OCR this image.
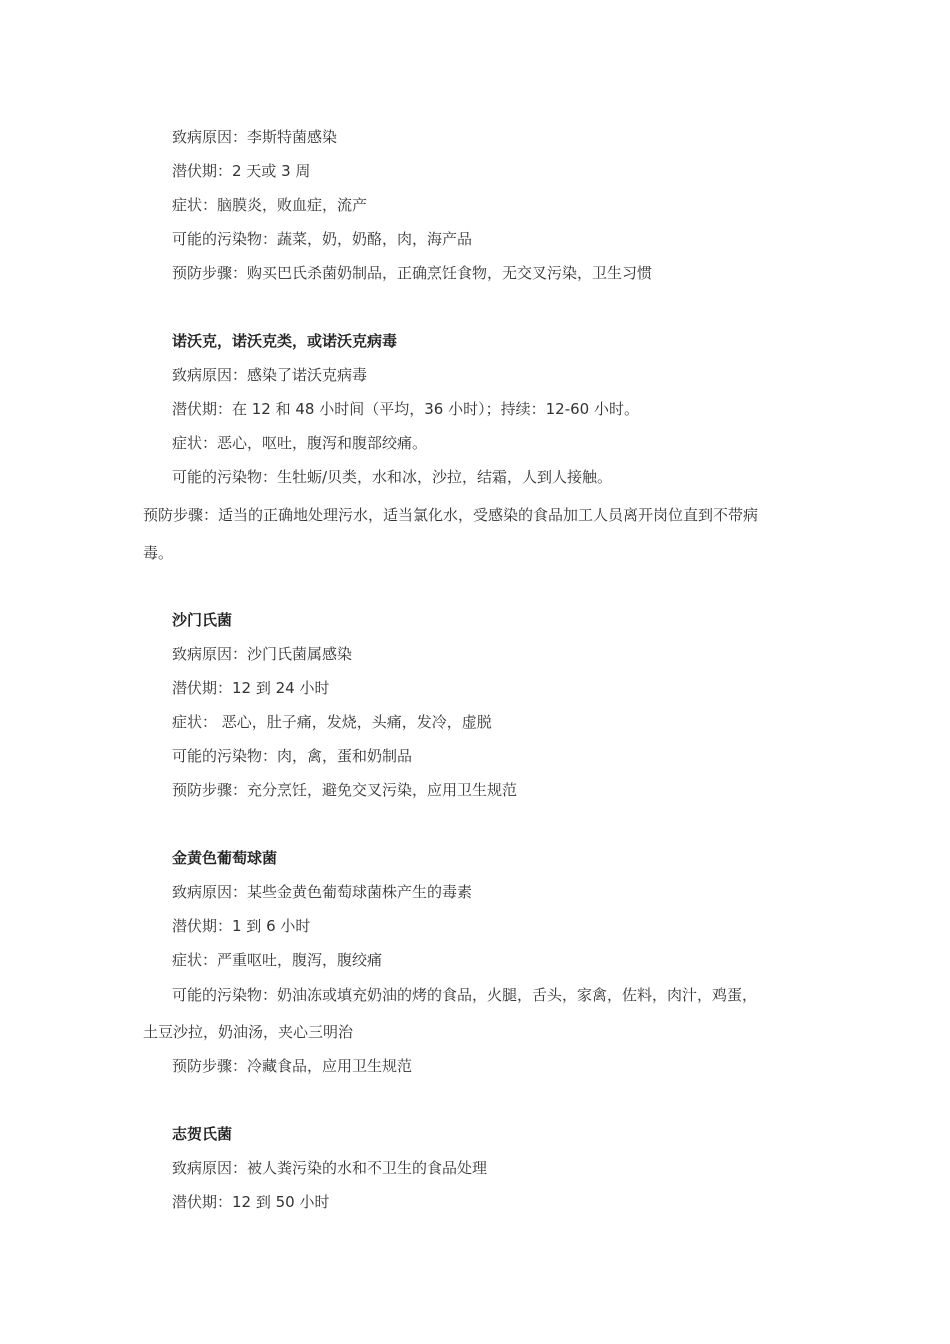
致病原因：李斯特菌感染
潜伏期：2 天或 3 周
症状：脑膜炎，败血症，流产
可能的污染物：蔬菜，奶，奶酪，肉，海产品
预防步骤：购买巴氏杀菌奶制品，正确烹饪食物，无交叉污染，卫生习惯
诺沃克，诺沃克类，或诺沃克病毒
致病原因：感染了诺沃克病毒
潜伏期：在 12 和 48 小时间（平均，36 小时）；持续：12-60 小时。
症状：恶心，呕吐，腹泻和腹部绞痛。
可能的污染物：生牡蛎/贝类，水和冰，沙拉，结霜，人到人接触。
预防步骤：适当的正确地处理污水，适当氯化水，受感染的食品加工人员离开岗位直到不带病
毒。
沙门氏菌
致病原因：沙门氏菌属感染
潜伏期：12 到 24 小时
症状： 恶心，肚子痛，发烧，头痛，发冷，虚脱
可能的污染物：肉，禽，蛋和奶制品
预防步骤：充分烹饪，避免交叉污染，应用卫生规范
金黄色葡萄球菌
致病原因：某些金黄色葡萄球菌株产生的毒素
潜伏期：1 到 6 小时
症状：严重呕吐，腹泻，腹绞痛
可能的污染物：奶油冻或填充奶油的烤的食品，火腿，舌头，家禽，佐料，肉汁，鸡蛋，
土豆沙拉，奶油汤，夹心三明治
预防步骤：冷藏食品，应用卫生规范
志贺氏菌
致病原因：被人粪污染的水和不卫生的食品处理
潜伏期：12 到 50 小时
